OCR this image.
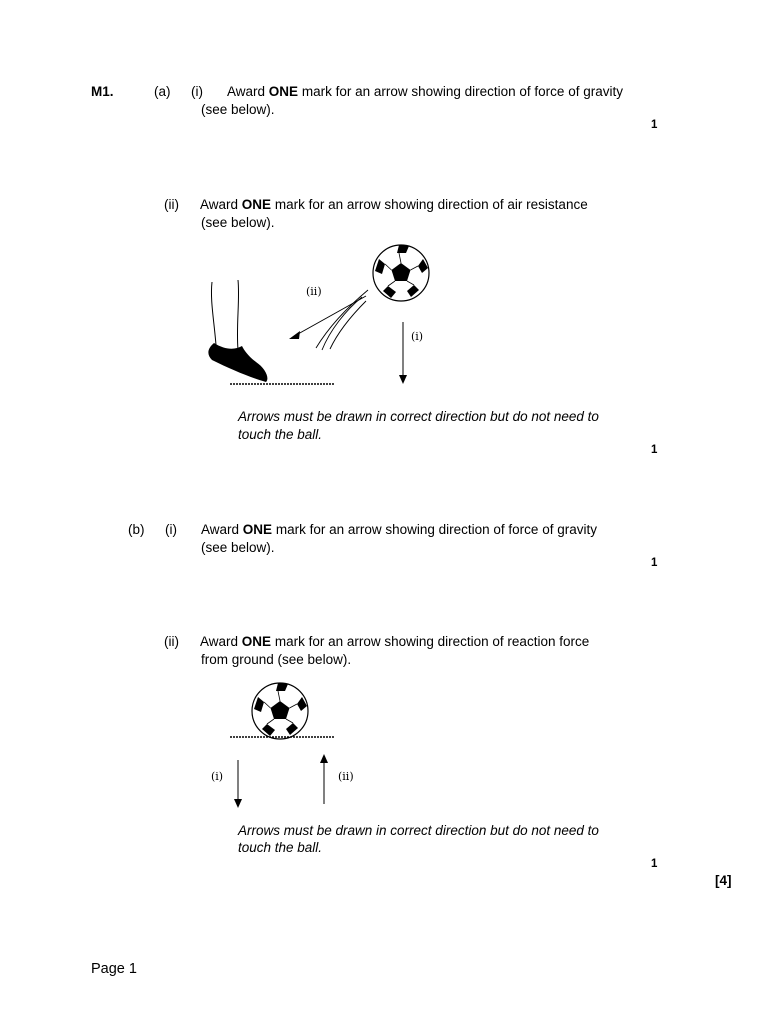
M1.	(a) (i) Award ONE mark for an arrow showing direction of force of gravity
(see below).
1
(ii) Award ONE mark for an arrow showing direction of air resistance
(see below).
(ii)
(i)
Arrows must be drawn in correct direction but do not need to
touch the ball.
1
(b) (i) Award ONE mark for an arrow showing direction of force of gravity
(see below).
1
(ii) Award ONE mark for an arrow showing direction of reaction force
from ground (see below).
(i)	(ii)
Arrows must be drawn in correct direction but do not need to
touch the ball.
1
[4]
Page 1
